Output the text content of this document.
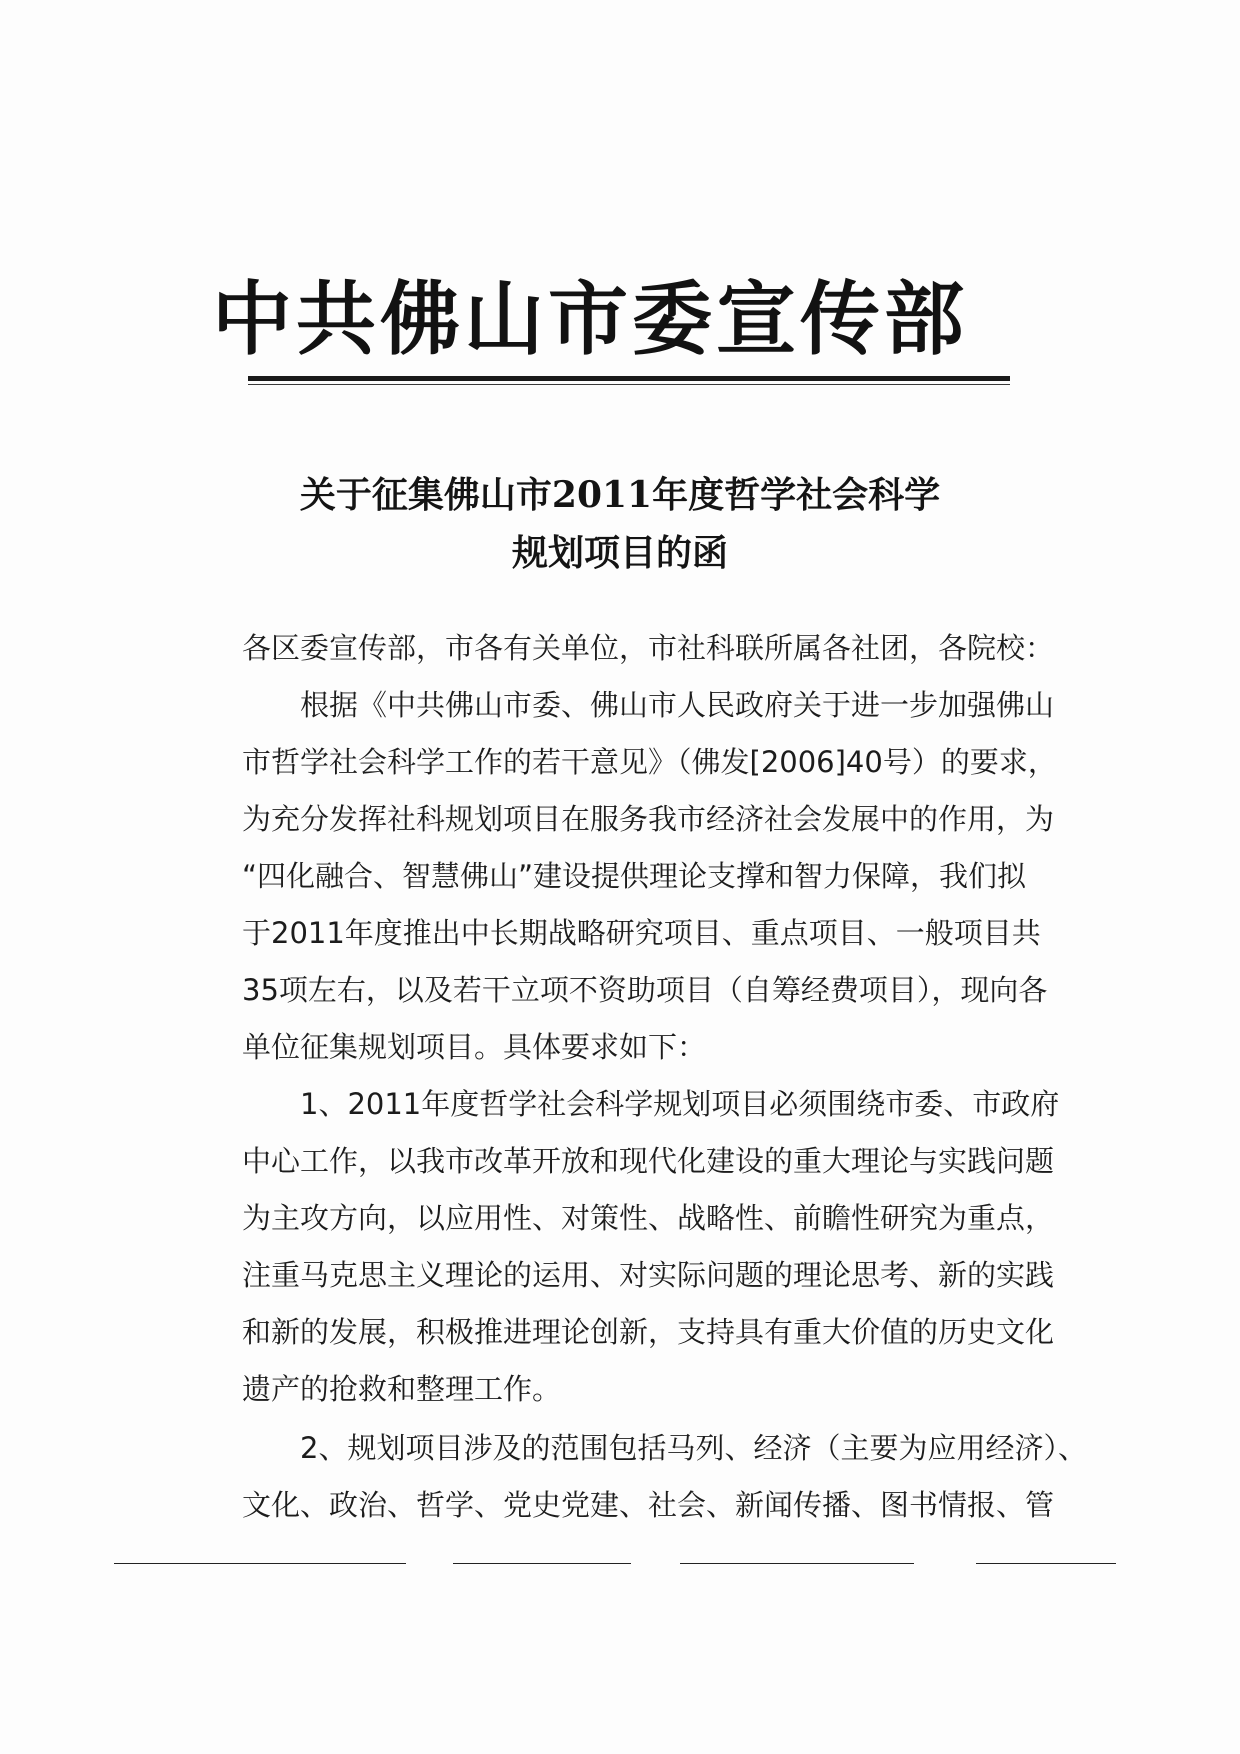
中共佛山市委宣传部
关于征集佛山市2011年度哲学社会科学
规划项目的函
各区委宣传部，市各有关单位，市社科联所属各社团，各院校：
　　根据《中共佛山市委、佛山市人民政府关于进一步加强佛山
市哲学社会科学工作的若干意见》（佛发[2006]40号）的要求，
为充分发挥社科规划项目在服务我市经济社会发展中的作用，为
“四化融合、智慧佛山”建设提供理论支撑和智力保障，我们拟
于2011年度推出中长期战略研究项目、重点项目、一般项目共
35项左右，以及若干立项不资助项目（自筹经费项目），现向各
单位征集规划项目。具体要求如下：
　　1、2011年度哲学社会科学规划项目必须围绕市委、市政府
中心工作，以我市改革开放和现代化建设的重大理论与实践问题
为主攻方向，以应用性、对策性、战略性、前瞻性研究为重点，
注重马克思主义理论的运用、对实际问题的理论思考、新的实践
和新的发展，积极推进理论创新，支持具有重大价值的历史文化
遗产的抢救和整理工作。
　　2、规划项目涉及的范围包括马列、经济（主要为应用经济）、
文化、政治、哲学、党史党建、社会、新闻传播、图书情报、管
